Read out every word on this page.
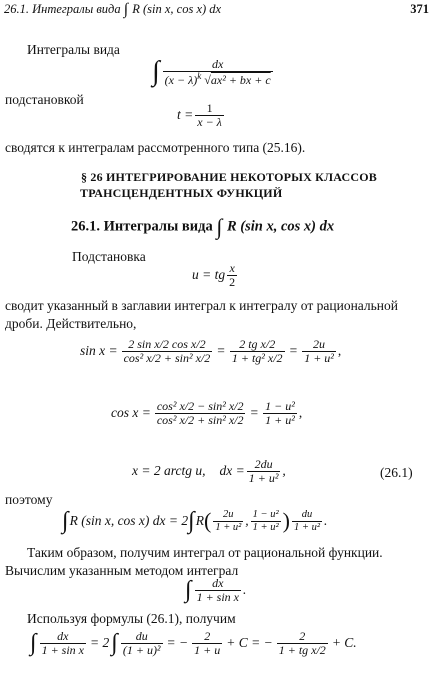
26.1. Интегралы вида ∫ R (sin x, cos x) dx	371
Интегралы вида
∫ $\frac{dx}{(x - \lambda)^k √ax^2 + bx + c}$
подстановкой
$t = \frac{1}{x - \lambda}$
сводятся к интегралам рассмотренного типа (25.16).
§ 26 ИНТЕГРИРОВАНИЕ НЕКОТОРЫХ КЛАССОВ
ТРАНСЦЕНДЕНТНЫХ ФУНКЦИЙ
26.1. Интегралы вида ∫ R (sin x, cos x) dx
Подстановка
u = tg $\frac{x}{2}$
сводит указанный в заглавии интеграл к интегралу от рациональной
дроби. Действительно,
$\sin x = \frac{\text{2 sin x/2 cos x/2}}{\text{cos² x/2 + sin² x/2}} = \frac{\text{2 tg x/2}}{\text{1 + tg² x/2}} = \frac{2u}{\text{1 + u²}}$ ,
$\cos x = \frac{\text{cos² x/2 − sin² x/2}}{\text{cos² x/2 + sin² x/2}} = \frac{\text{1 − u²}}{\text{1 + u²}}$ ,
x = 2 arctg u, dx = $\frac{2du}{\text{1 + u²}}$ ,	(26.1)
поэтому
∫ R (sin x, cos x) dx = 2 ∫ R ( $\frac{2u}{\text{1 + u²}}$ , $\frac{\text{1 − u²}}{\text{1 + u²}}$ ) $\frac{du}{\text{1 + u²}}$ .
Таким образом, получим интеграл от рациональной функции.
Вычислим указанным методом интеграл
∫ $\frac{dx}{\text{1 + sin x}}$ .
Используя формулы (26.1), получим
∫ $\frac{dx}{\text{1 + sin x}} = 2$ ∫ $\frac{du}{\text{(1 + u)²}}$ = − $\frac{2}{1 + u} + C$ = − $\frac{2}{\text{1 + tg x/2}} + C$.
